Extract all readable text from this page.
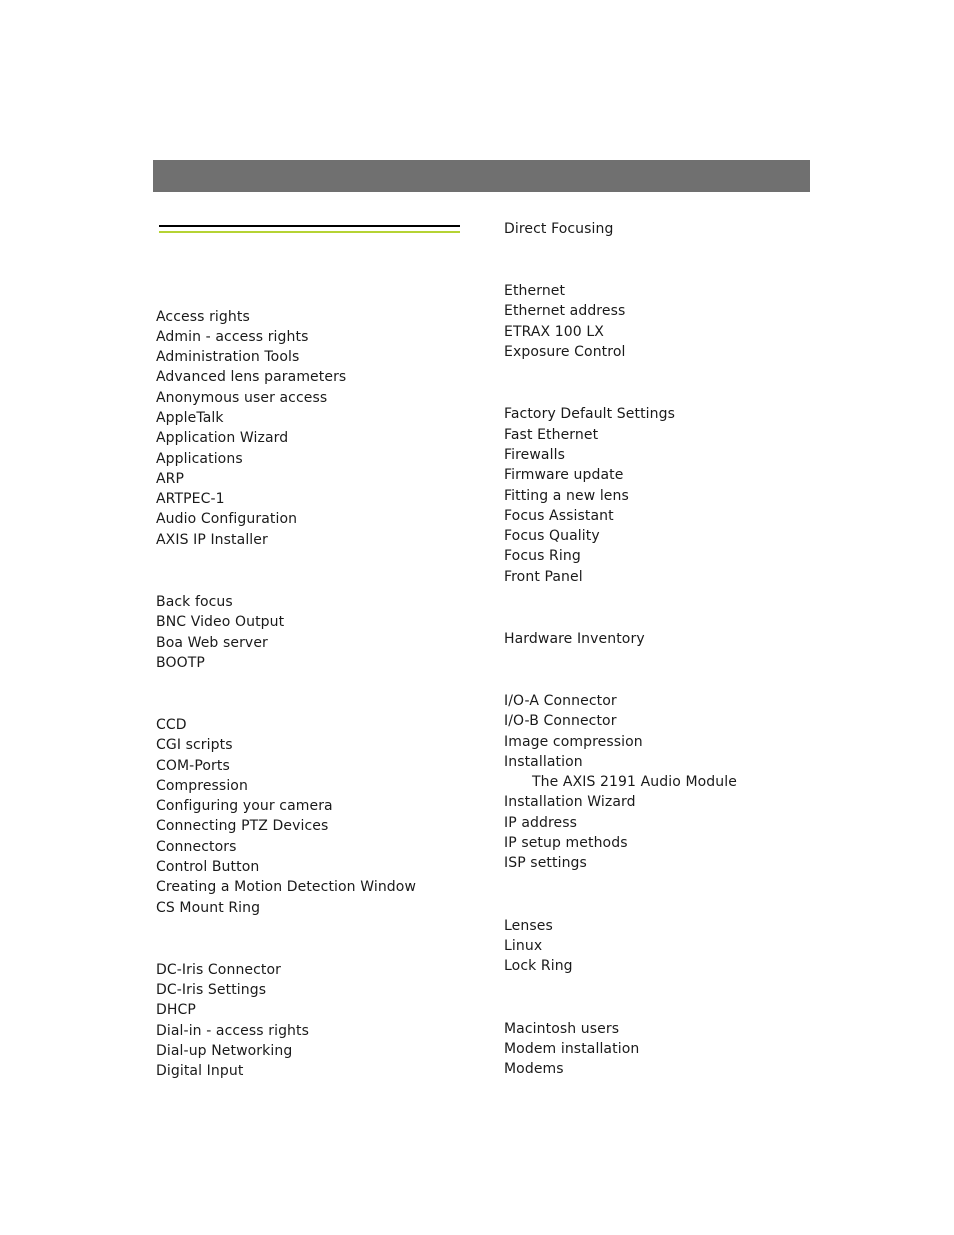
Access rights
Admin - access rights
Administration Tools
Advanced lens parameters
Anonymous user access
AppleTalk
Application Wizard
Applications
ARP
ARTPEC-1
Audio Configuration
AXIS IP Installer
Back focus
BNC Video Output
Boa Web server
BOOTP
CCD
CGI scripts
COM-Ports
Compression
Configuring your camera
Connecting PTZ Devices
Connectors
Control Button
Creating a Motion Detection Window
CS Mount Ring
DC-Iris Connector
DC-Iris Settings
DHCP
Dial-in - access rights
Dial-up Networking
Digital Input
Direct Focusing
Ethernet
Ethernet address
ETRAX 100 LX
Exposure Control
Factory Default Settings
Fast Ethernet
Firewalls
Firmware update
Fitting a new lens
Focus Assistant
Focus Quality
Focus Ring
Front Panel
Hardware Inventory
I/O-A Connector
I/O-B Connector
Image compression
Installation
The AXIS 2191 Audio Module
Installation Wizard
IP address
IP setup methods
ISP settings
Lenses
Linux
Lock Ring
Macintosh users
Modem installation
Modems
